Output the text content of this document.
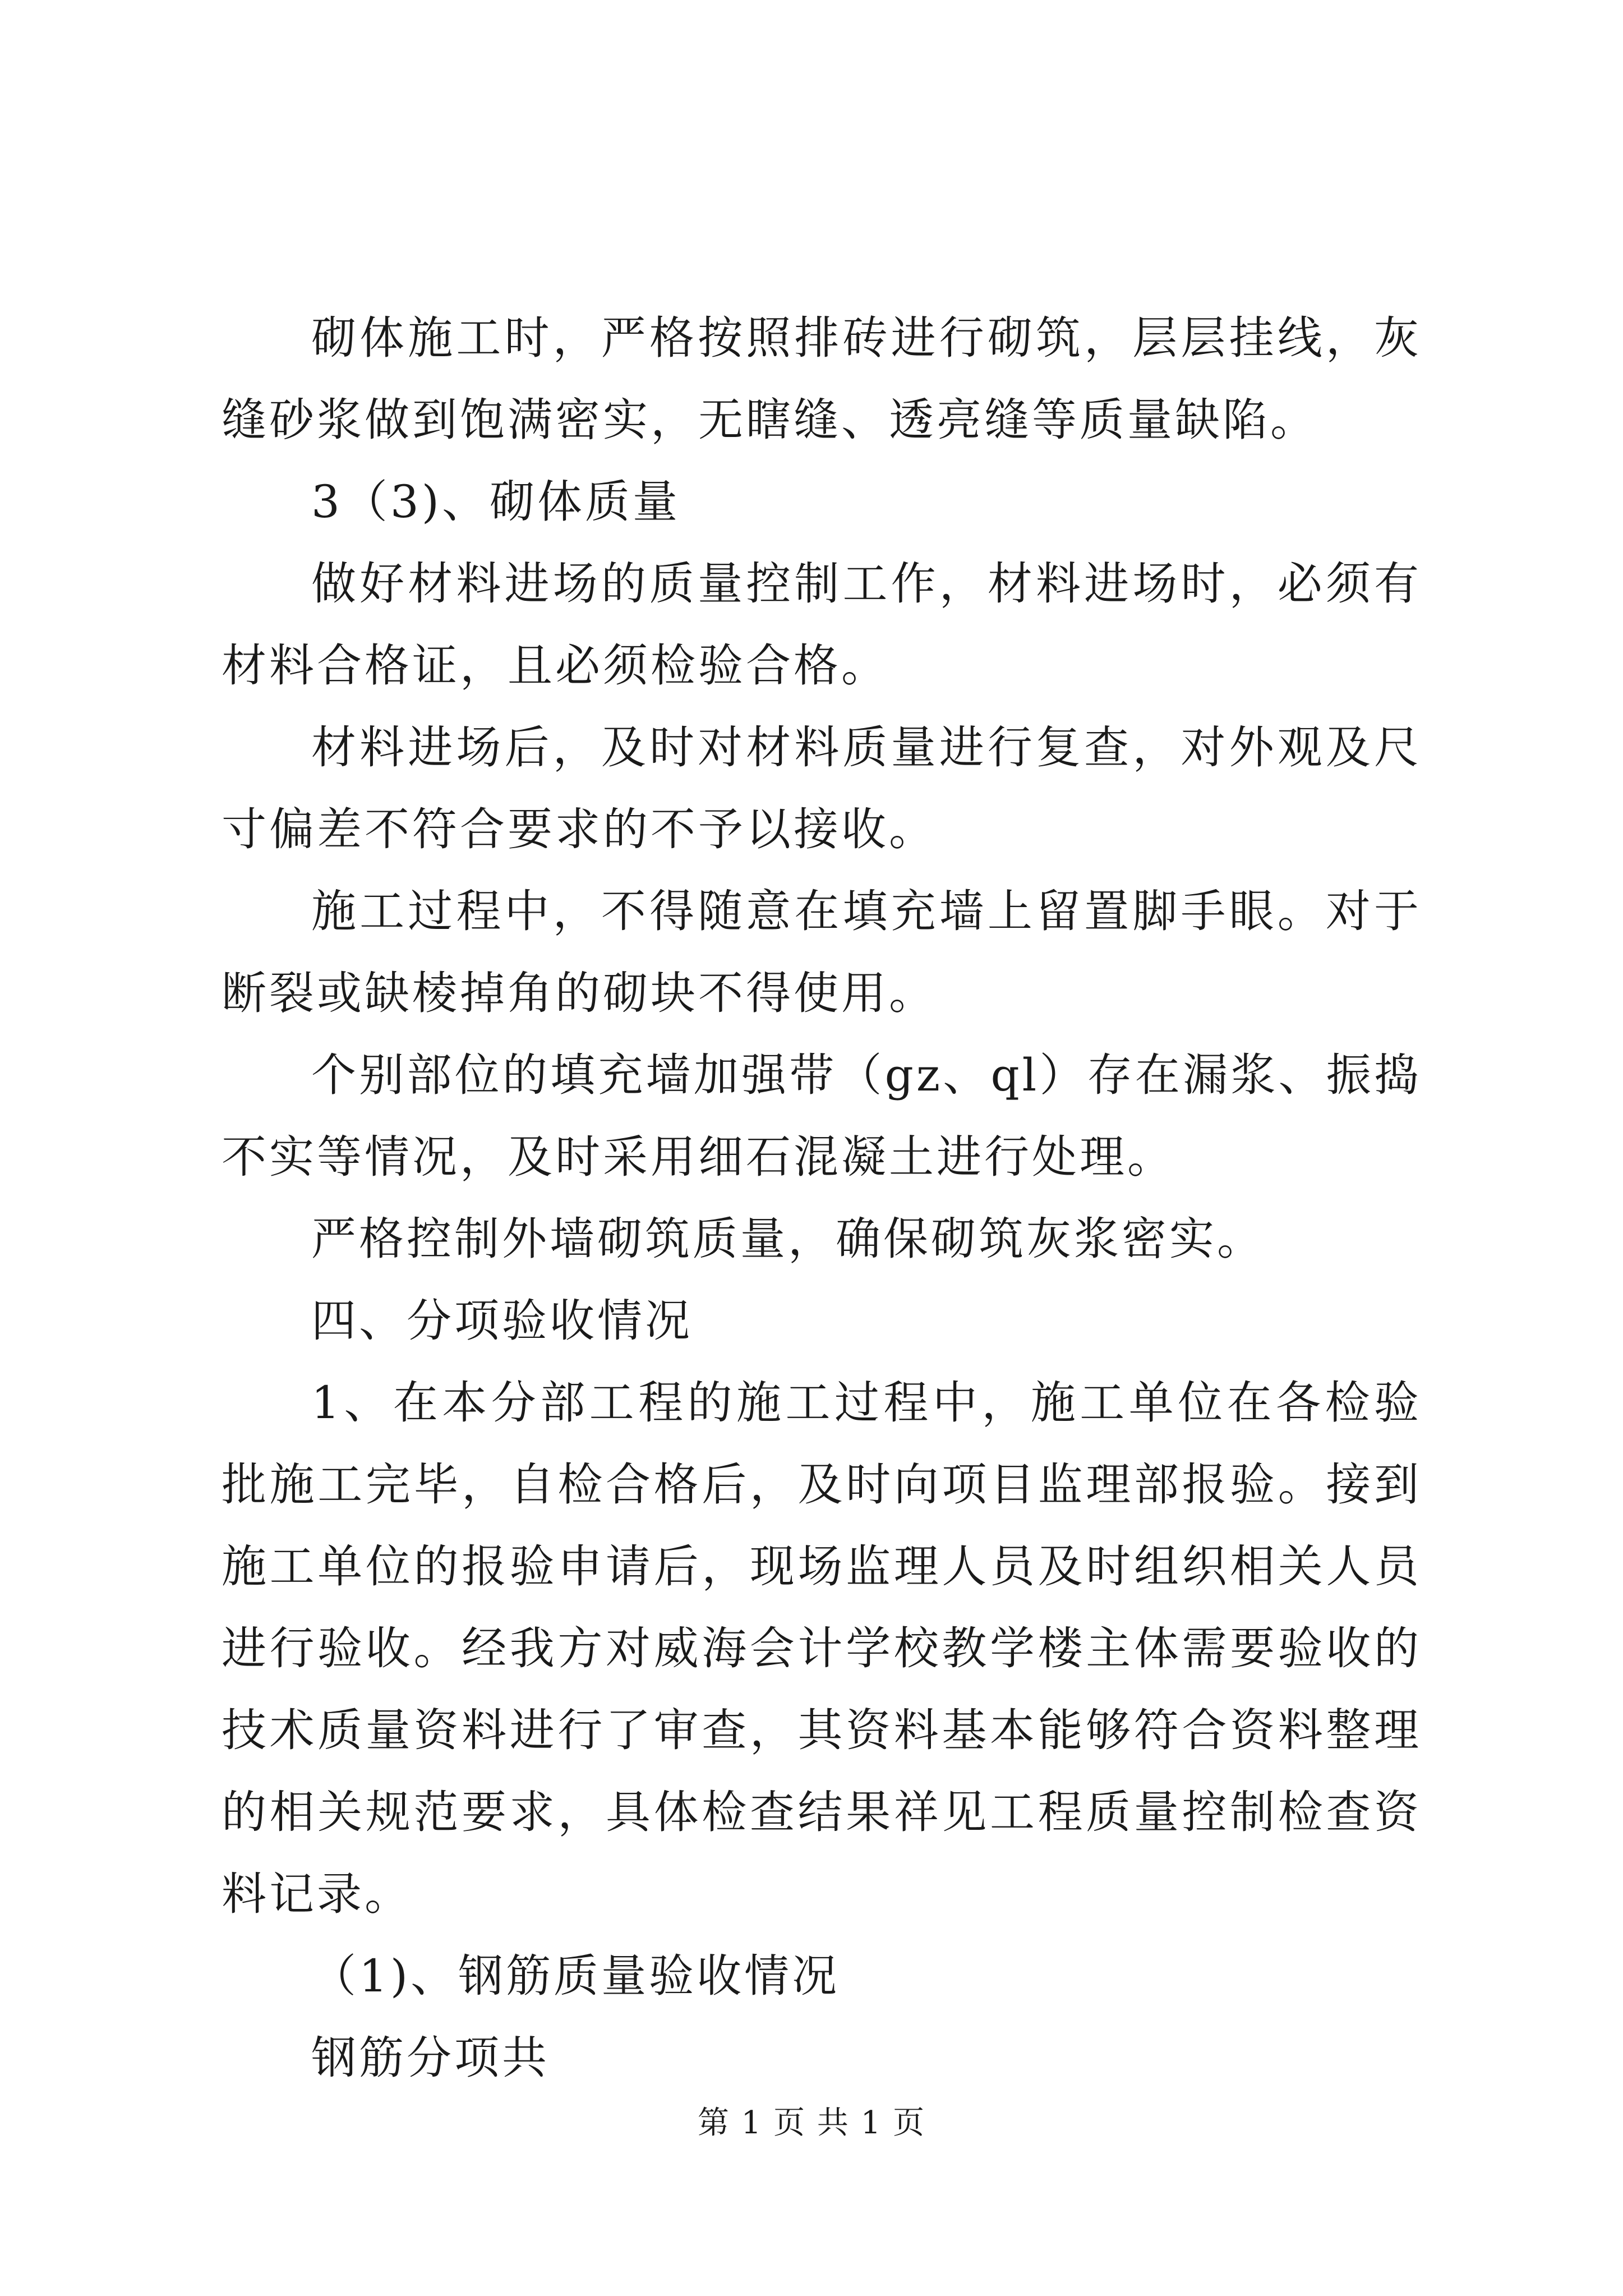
砌体施工时，严格按照排砖进行砌筑，层层挂线，灰缝砂浆做到饱满密实，无瞎缝、透亮缝等质量缺陷。

3（3)、砌体质量

做好材料进场的质量控制工作，材料进场时，必须有材料合格证，且必须检验合格。

材料进场后，及时对材料质量进行复查，对外观及尺寸偏差不符合要求的不予以接收。

施工过程中，不得随意在填充墙上留置脚手眼。对于断裂或缺棱掉角的砌块不得使用。

个别部位的填充墙加强带（gz、ql）存在漏浆、振捣不实等情况，及时采用细石混凝土进行处理。

严格控制外墙砌筑质量，确保砌筑灰浆密实。

四、分项验收情况

1、在本分部工程的施工过程中，施工单位在各检验批施工完毕，自检合格后，及时向项目监理部报验。接到施工单位的报验申请后，现场监理人员及时组织相关人员进行验收。经我方对威海会计学校教学楼主体需要验收的技术质量资料进行了审查，其资料基本能够符合资料整理的相关规范要求，具体检查结果祥见工程质量控制检查资料记录。

（1)、钢筋质量验收情况

钢筋分项共

第 1 页 共 1 页
